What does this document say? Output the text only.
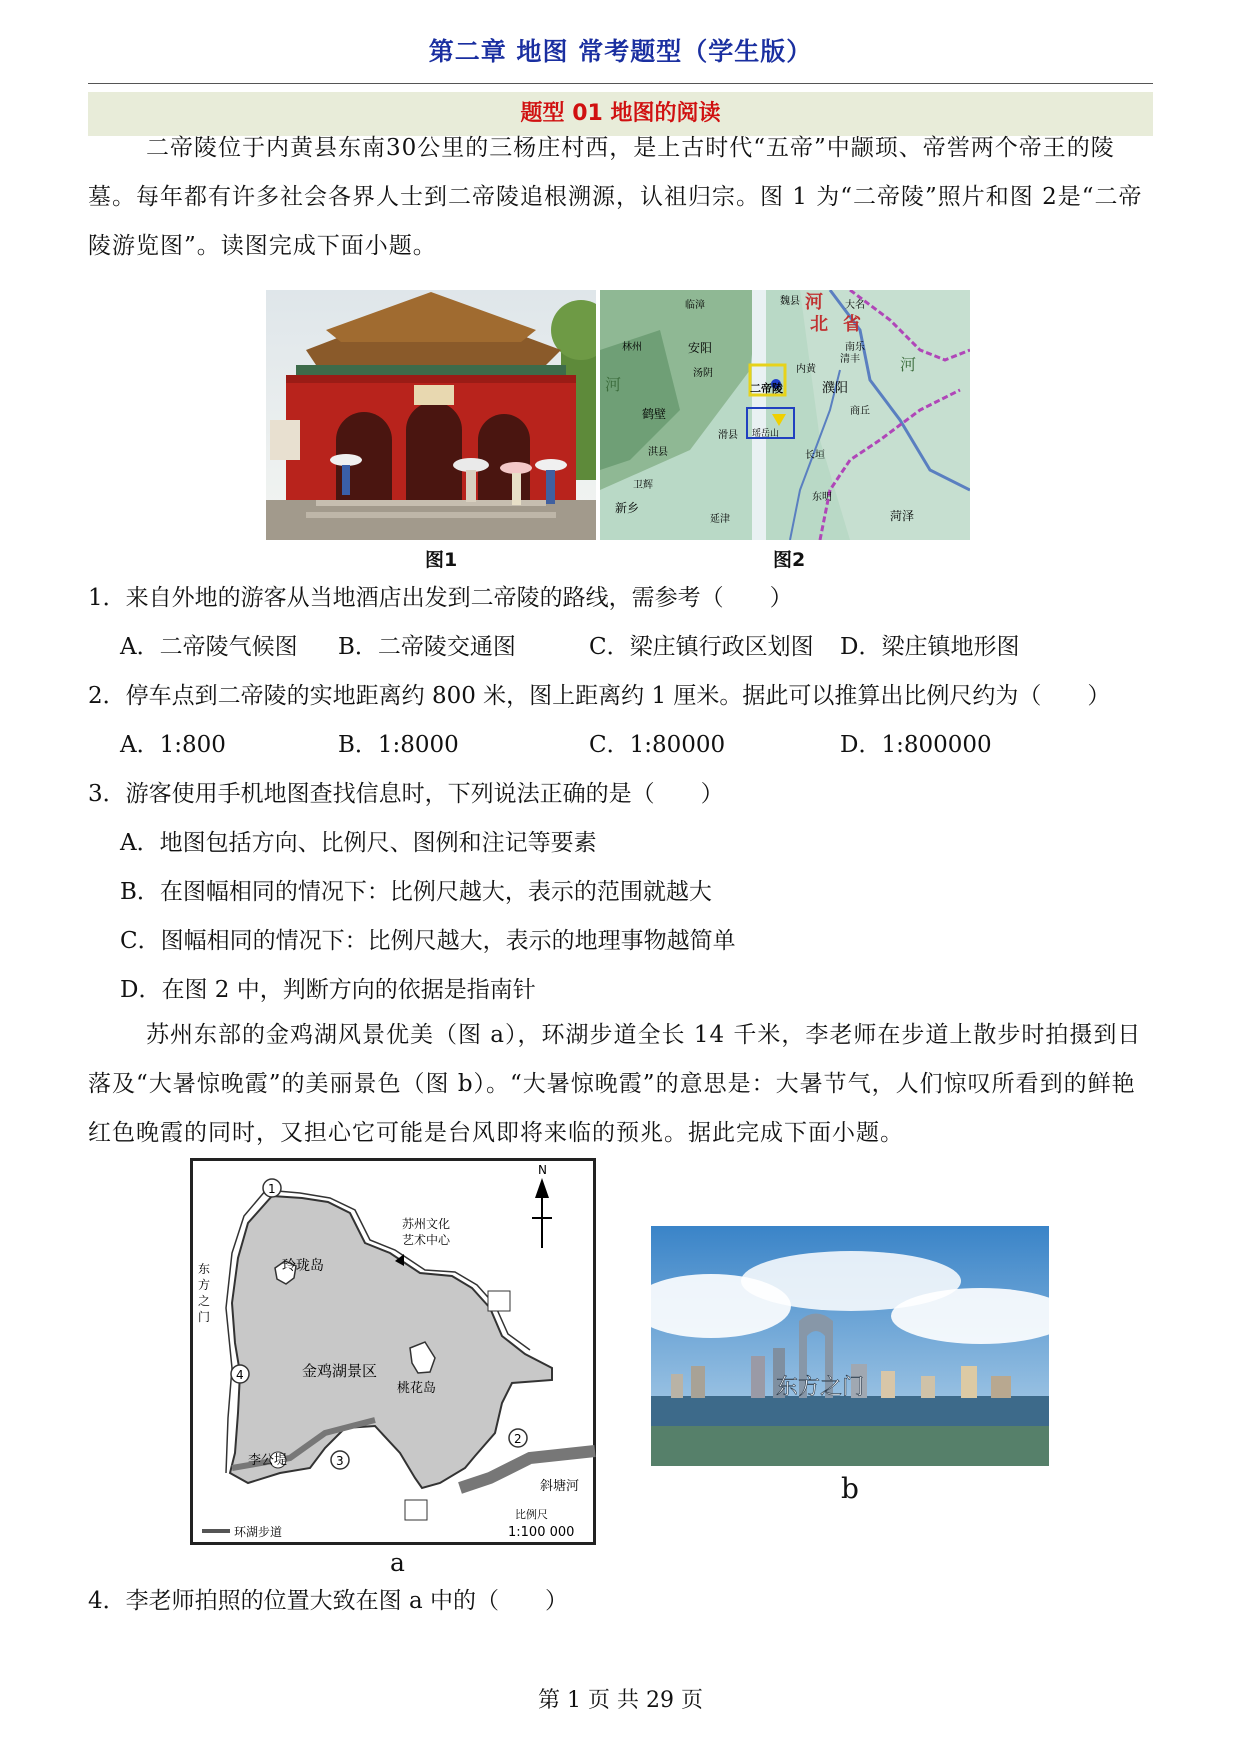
第二章 地图 常考题型（学生版）
题型 01 地图的阅读
二帝陵位于内黄县东南30公里的三杨庄村西，是上古时代“五帝”中颛顼、帝喾两个帝王的陵墓。每年都有许多社会各界人士到二帝陵追根溯源，认祖归宗。图 1 为“二帝陵”照片和图 2是“二帝陵游览图”。读图完成下面小题。
河
北 省
临漳	魏县	大名
南乐
林州	安阳
汤阴
鹤壁
淇县
卫辉
新乡
二帝陵
内黄
濮阳
清丰
滑县 瑶岳山
长垣
东明
菏泽
延津
商丘
河
河
图1	图2
1．来自外地的游客从当地酒店出发到二帝陵的路线，需参考（　　）
A．二帝陵气候图 B．二帝陵交通图	C．梁庄镇行政区划图 D．梁庄镇地形图
2．停车点到二帝陵的实地距离约 800 米，图上距离约 1 厘米。据此可以推算出比例尺约为（　　）
A．1:800	B．1:8000	C．1:80000	D．1:800000
3．游客使用手机地图查找信息时，下列说法正确的是（　　）
A．地图包括方向、比例尺、图例和注记等要素
B．在图幅相同的情况下：比例尺越大，表示的范围就越大
C．图幅相同的情况下：比例尺越大，表示的地理事物越简单
D．在图 2 中，判断方向的依据是指南针
苏州东部的金鸡湖风景优美（图 a），环湖步道全长 14 千米，李老师在步道上散步时拍摄到日落及“大暑惊晚霞”的美丽景色（图 b）。“大暑惊晚霞”的意思是：大暑节气，人们惊叹所看到的鲜艳红色晚霞的同时，又担心它可能是台风即将来临的预兆。据此完成下面小题。
N
1
2
3
4
苏州文化
艺术中心
东
方
之
门
玲珑岛
金鸡湖景区
桃花岛
李公堤
斜塘河
比例尺
1:100 000
环湖步道
a
东方之门
b
4．李老师拍照的位置大致在图 a 中的（　　）
第 1 页 共 29 页
